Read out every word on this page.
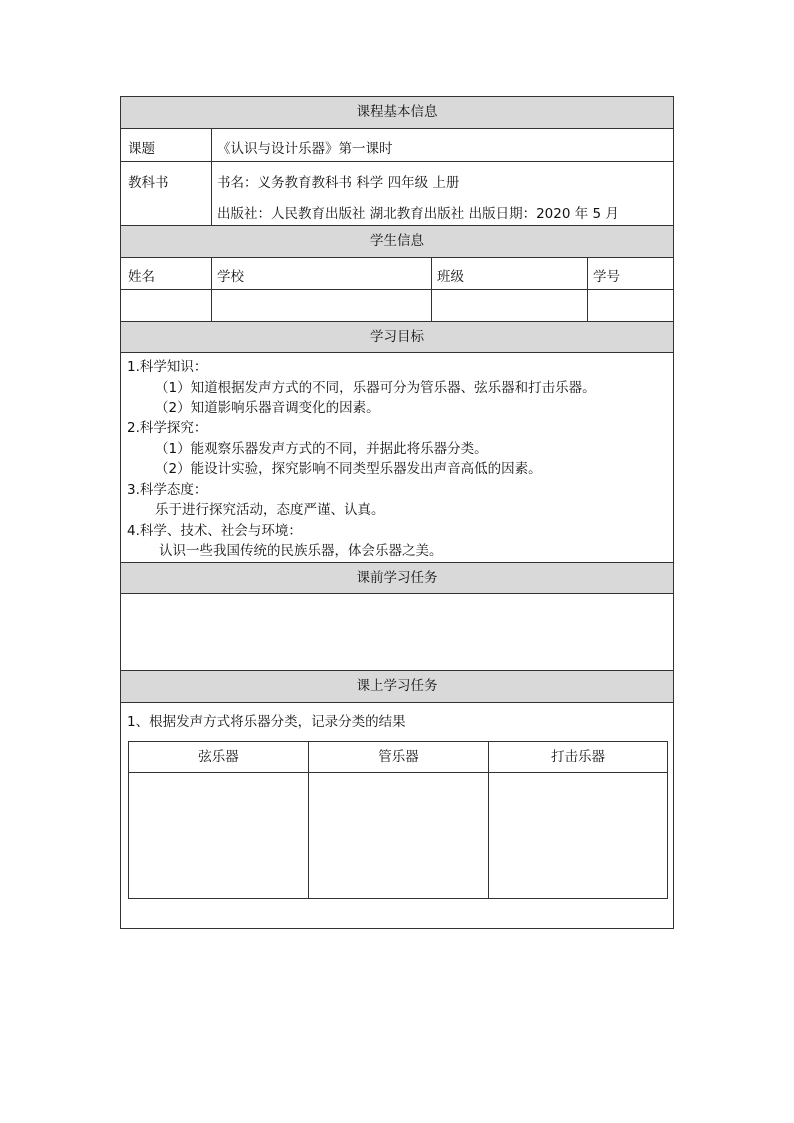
课程基本信息
课题	《认识与设计乐器》第一课时
教科书	书名：义务教育教科书 科学 四年级 上册
出版社：人民教育出版社 湖北教育出版社 出版日期：2020 年 5 月
学生信息
姓名	学校	班级	学号
学习目标
1.科学知识：
（1）知道根据发声方式的不同，乐器可分为管乐器、弦乐器和打击乐器。
（2）知道影响乐器音调变化的因素。
2.科学探究：
（1）能观察乐器发声方式的不同，并据此将乐器分类。
（2）能设计实验，探究影响不同类型乐器发出声音高低的因素。
3.科学态度：
乐于进行探究活动，态度严谨、认真。
4.科学、技术、社会与环境：
认识一些我国传统的民族乐器，体会乐器之美。
课前学习任务
课上学习任务
1、根据发声方式将乐器分类，记录分类的结果
弦乐器	管乐器	打击乐器
